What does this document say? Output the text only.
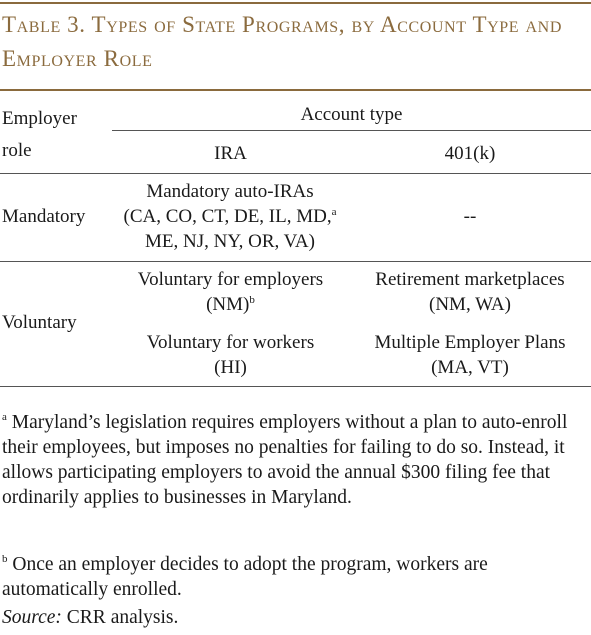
Table 3. Types of State Programs, by Account Type and Employer Role
Employer
role
Account type
IRA	401(k)
Mandatory
Mandatory auto-IRAs
(CA, CO, CT, DE, IL, MD,$^a$
ME, NJ, NY, OR, VA)
--
Voluntary
Voluntary for employers
(NM)$^b$
Retirement marketplaces
(NM, WA)
Voluntary for workers
(HI)
Multiple Employer Plans
(MA, VT)
$^a$ Maryland’s legislation requires employers without a plan to auto-enroll their employees, but imposes no penalties for failing to do so. Instead, it allows participating employers to avoid the annual $300 filing fee that ordinarily applies to businesses in Maryland.
$^b$ Once an employer decides to adopt the program, workers are automatically enrolled.
Source: CRR analysis.
